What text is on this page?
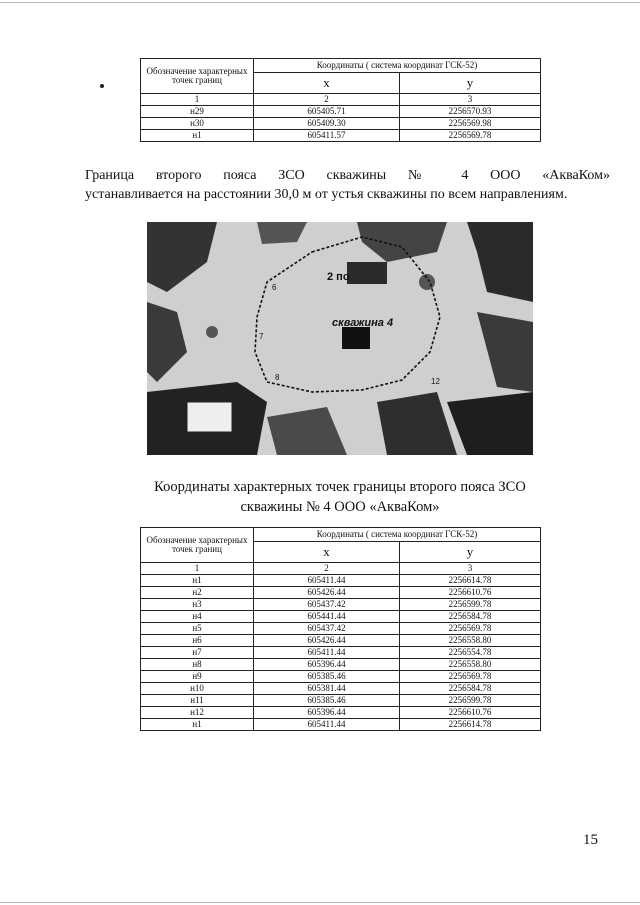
Обозначение характерных точек границ	Координаты ( система координат ГСК-52)	
	x	у
1	2	3
н29	605405.71	2256570.93
н30	605409.30	2256569.98
н1	605411.57	2256569.78
Граница второго пояса ЗСО скважины № 4 ООО «АкваКом»
устанавливается на расстоянии 30,0 м от устья скважины по всем направлениям.
2 по
скважина 4
6
7
8	12
Координаты характерных точек границы второго пояса ЗСО
скважины № 4 ООО «АкваКом»
Обозначение характерных точек границ	Координаты ( система координат ГСК-52)	
	х	у
1	2	3
н1	605411.44	2256614.78
н2	605426.44	2256610.76
н3	605437.42	2256599.78
н4	605441.44	2256584.78
н5	605437.42	2256569.78
н6	605426.44	2256558.80
н7	605411.44	2256554.78
н8	605396.44	2256558.80
н9	605385.46	2256569.78
н10	605381.44	2256584.78
н11	605385.46	2256599.78
н12	605396.44	2256610.76
н1	605411.44	2256614.78
15
